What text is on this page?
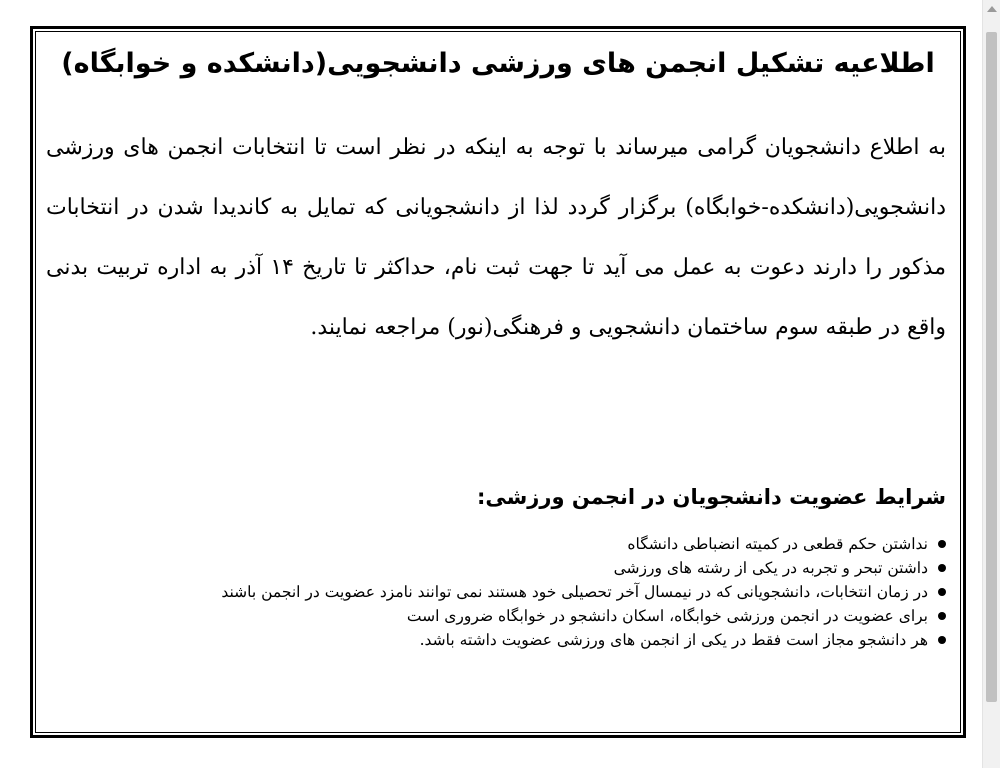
اطلاعیه تشکیل انجمن های ورزشی دانشجویی(دانشکده و خوابگاه)

به اطلاع دانشجویان گرامی میرساند با توجه به اینکه در نظر است تا انتخابات انجمن های ورزشی دانشجویی(دانشکده-خوابگاه) برگزار گردد لذا از دانشجویانی که تمایل به کاندیدا شدن در انتخابات مذکور را دارند دعوت به عمل می آید تا جهت ثبت نام، حداکثر تا تاریخ ۱۴ آذر به اداره تربیت بدنی واقع در طبقه سوم ساختمان دانشجویی و فرهنگی(نور) مراجعه نمایند.

شرایط عضویت دانشجویان در انجمن ورزشی:
نداشتن حکم قطعی در کمیته انضباطی دانشگاه
داشتن تبحر و تجربه در یکی از رشته های ورزشی
در زمان انتخابات، دانشجویانی که در نیمسال آخر تحصیلی خود هستند نمی توانند نامزد عضویت در انجمن باشند
برای عضویت در انجمن ورزشی خوابگاه، اسکان دانشجو در خوابگاه ضروری است
هر دانشجو مجاز است فقط در یکی از انجمن های ورزشی عضویت داشته باشد.
